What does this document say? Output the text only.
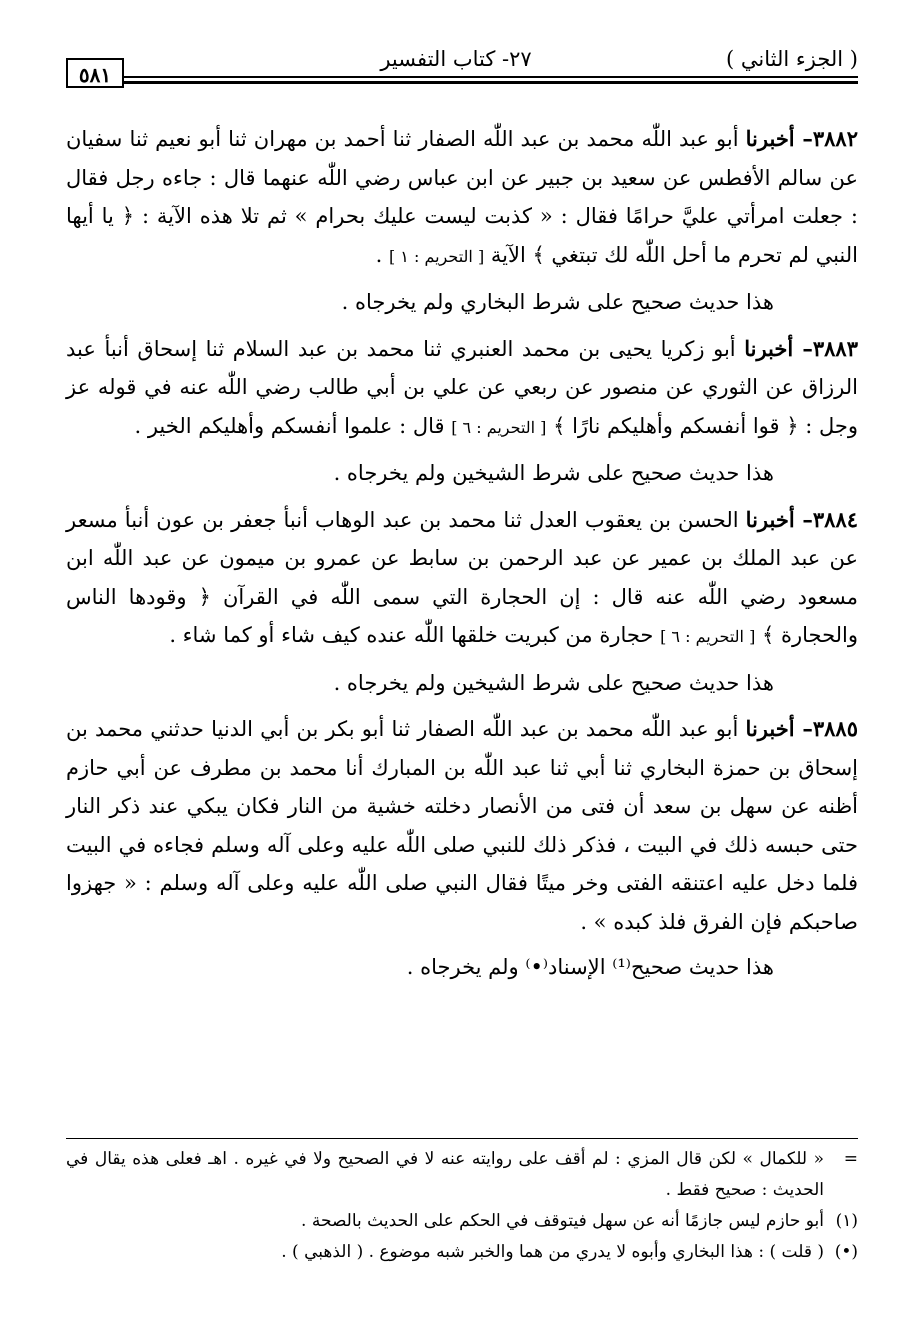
( الجزء الثاني )
٢٧- كتاب التفسير
٥٨١

٣٨٨٢– أخبرنا أبو عبد اللّٰه محمد بن عبد اللّٰه الصفار ثنا أحمد بن مهران ثنا أبو نعيم ثنا سفيان عن سالم الأفطس عن سعيد بن جبير عن ابن عباس رضي اللّٰه عنهما قال : جاءه رجل فقال : جعلت امرأتي عليَّ حرامًا فقال : « كذبت ليست عليك بحرام » ثم تلا هذه الآية : ﴿ يا أيها النبي لم تحرم ما أحل اللّٰه لك تبتغي ﴾ الآية [ التحريم : ١ ] .

هذا حديث صحيح على شرط البخاري ولم يخرجاه .

٣٨٨٣– أخبرنا أبو زكريا يحيى بن محمد العنبري ثنا محمد بن عبد السلام ثنا إسحاق أنبأ عبد الرزاق عن الثوري عن منصور عن ربعي عن علي بن أبي طالب رضي اللّٰه عنه في قوله عز وجل : ﴿ قوا أنفسكم وأهليكم نارًا ﴾ [ التحريم : ٦ ] قال : علموا أنفسكم وأهليكم الخير .

هذا حديث صحيح على شرط الشيخين ولم يخرجاه .

٣٨٨٤– أخبرنا الحسن بن يعقوب العدل ثنا محمد بن عبد الوهاب أنبأ جعفر بن عون أنبأ مسعر عن عبد الملك بن عمير عن عبد الرحمن بن سابط عن عمرو بن ميمون عن عبد اللّٰه ابن مسعود رضي اللّٰه عنه قال : إن الحجارة التي سمى اللّٰه في القرآن ﴿ وقودها الناس والحجارة ﴾ [ التحريم : ٦ ] حجارة من كبريت خلقها اللّٰه عنده كيف شاء أو كما شاء .

هذا حديث صحيح على شرط الشيخين ولم يخرجاه .

٣٨٨٥– أخبرنا أبو عبد اللّٰه محمد بن عبد اللّٰه الصفار ثنا أبو بكر بن أبي الدنيا حدثني محمد بن إسحاق بن حمزة البخاري ثنا أبي ثنا عبد اللّٰه بن المبارك أنا محمد بن مطرف عن أبي حازم أظنه عن سهل بن سعد أن فتى من الأنصار دخلته خشية من النار فكان يبكي عند ذكر النار حتى حبسه ذلك في البيت ، فذكر ذلك للنبي صلى اللّٰه عليه وعلى آله وسلم فجاءه في البيت فلما دخل عليه اعتنقه الفتى وخر ميتًا فقال النبي صلى اللّٰه عليه وعلى آله وسلم : « جهزوا صاحبكم فإن الفرق فلذ كبده » .

هذا حديث صحيح⁽¹⁾ الإسناد⁽•⁾ ولم يخرجاه .

=
« للكمال » لكن قال المزي : لم أقف على روايته عنه لا في الصحيح ولا في غيره . اهـ فعلى هذه يقال في الحديث : صحيح فقط .

(١)
أبو حازم ليس جازمًا أنه عن سهل فيتوقف في الحكم على الحديث بالصحة .

(•)
( قلت ) : هذا البخاري وأبوه لا يدري من هما والخبر شبه موضوع . ( الذهبي ) .
